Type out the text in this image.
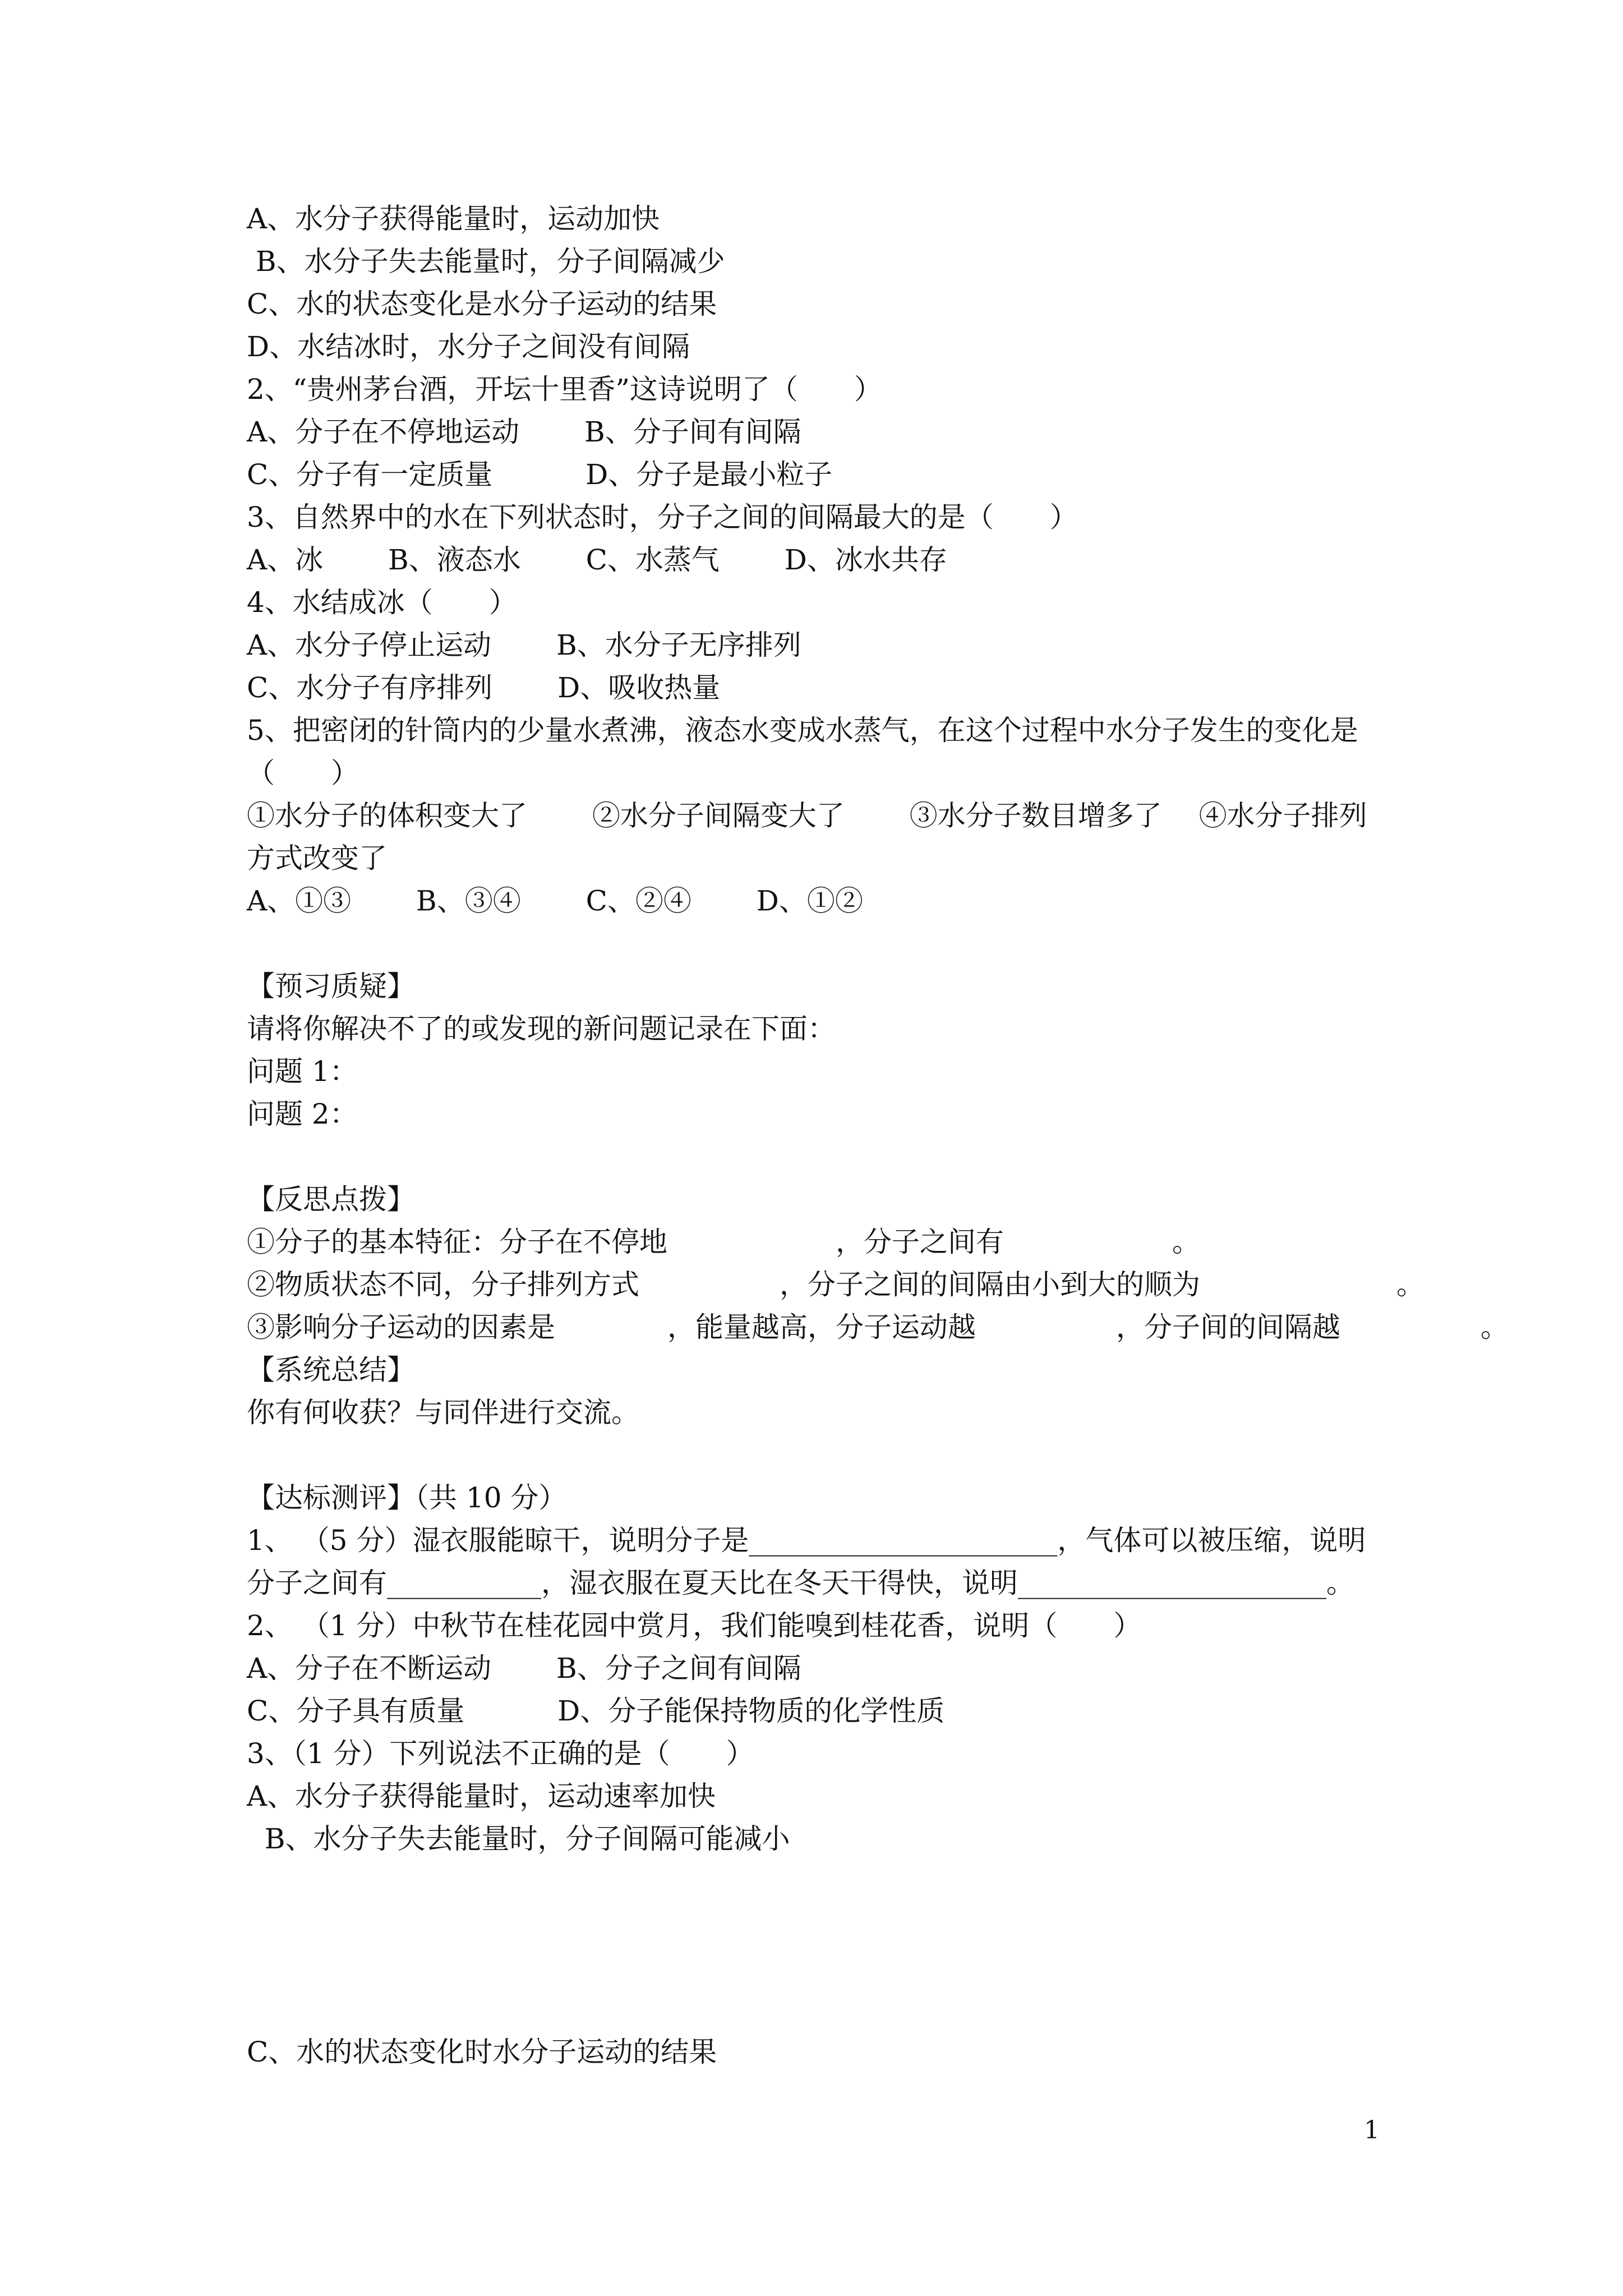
A、水分子获得能量时，运动加快

B、水分子失去能量时，分子间隔减少

C、水的状态变化是水分子运动的结果

D、水结冰时，水分子之间没有间隔

2、“贵州茅台酒，开坛十里香”这诗说明了（　　）

A、分子在不停地运动　　 B、分子间有间隔

C、分子有一定质量　　　 D、分子是最小粒子

3、自然界中的水在下列状态时，分子之间的间隔最大的是（　　）

A、冰　　 B、液态水　　 C、水蒸气　　 D、冰水共存

4、水结成冰（　　）

A、水分子停止运动　　 B、水分子无序排列

C、水分子有序排列　　 D、吸收热量

5、把密闭的针筒内的少量水煮沸，液态水变成水蒸气，在这个过程中水分子发生的变化是

（　　）

①水分子的体积变大了　　 ②水分子间隔变大了　　 ③水分子数目增多了　 ④水分子排列

方式改变了

A、①③　　 B、③④　　 C、②④　　 D、①②

【预习质疑】

请将你解决不了的或发现的新问题记录在下面：

问题 1：

问题 2：

【反思点拨】

①分子的基本特征：分子在不停地　　　　　　，分子之间有　　　　　　。

②物质状态不同，分子排列方式　　　　　，分子之间的间隔由小到大的顺为　　　　　　　。

③影响分子运动的因素是　　　　，能量越高，分子运动越　　　　　，分子间的间隔越　　　　　。

【系统总结】

你有何收获？与同伴进行交流。

【达标测评】（共 10 分）

1、 （5 分）湿衣服能晾干，说明分子是______________________，气体可以被压缩，说明

分子之间有___________，湿衣服在夏天比在冬天干得快，说明______________________。

2、 （1 分）中秋节在桂花园中赏月，我们能嗅到桂花香，说明（　　）

A、分子在不断运动　　 B、分子之间有间隔

C、分子具有质量　　　 D、分子能保持物质的化学性质

3、（1 分）下列说法不正确的是（　　）

A、水分子获得能量时，运动速率加快

B、水分子失去能量时，分子间隔可能减小

C、水的状态变化时水分子运动的结果

1
